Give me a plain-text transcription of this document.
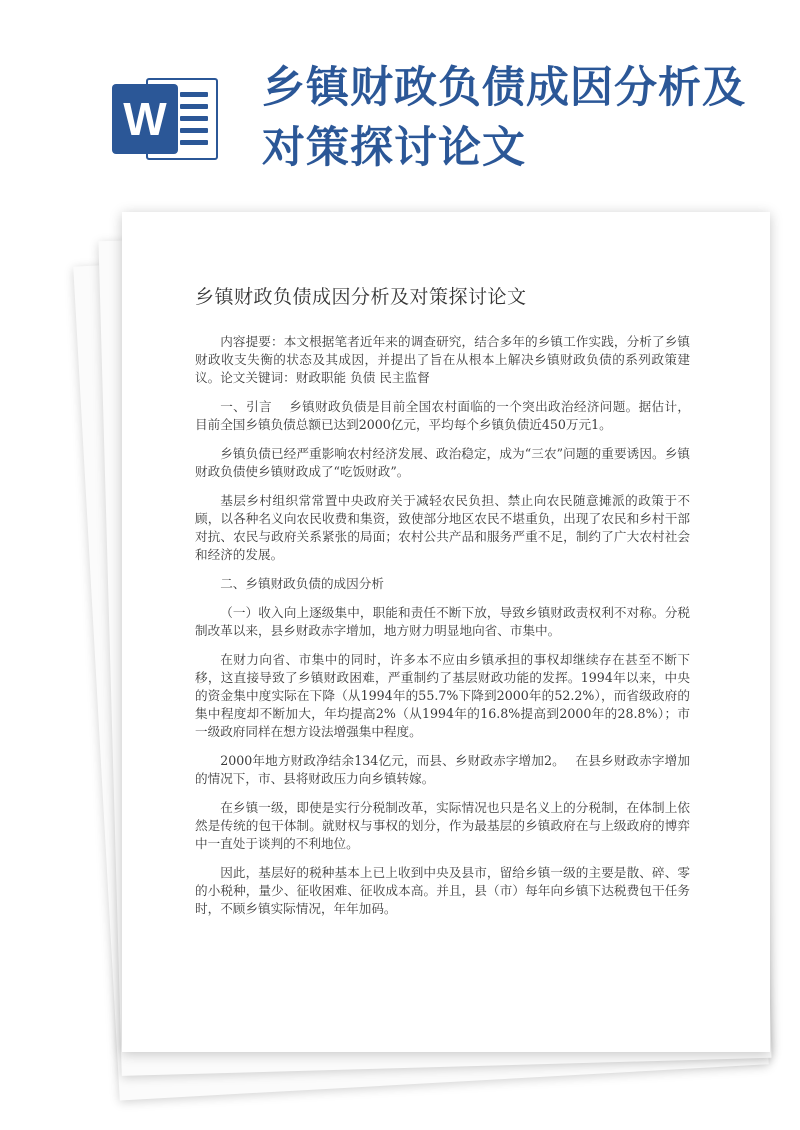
W
乡镇财政负债成因分析及对策探讨论文
乡镇财政负债成因分析及对策探讨论文

内容提要：本文根据笔者近年来的调查研究，结合多年的乡镇工作实践，分析了乡镇财政收支失衡的状态及其成因，并提出了旨在从根本上解决乡镇财政负债的系列政策建议。论文关键词：财政职能 负债 民主监督

一、引言　 乡镇财政负债是目前全国农村面临的一个突出政治经济问题。据估计，目前全国乡镇负债总额已达到2000亿元，平均每个乡镇负债近450万元1。

乡镇负债已经严重影响农村经济发展、政治稳定，成为“三农”问题的重要诱因。乡镇财政负债使乡镇财政成了“吃饭财政”。

基层乡村组织常常置中央政府关于减轻农民负担、禁止向农民随意摊派的政策于不顾，以各种名义向农民收费和集资，致使部分地区农民不堪重负，出现了农民和乡村干部对抗、农民与政府关系紧张的局面；农村公共产品和服务严重不足，制约了广大农村社会和经济的发展。

二、乡镇财政负债的成因分析

（一）收入向上逐级集中，职能和责任不断下放，导致乡镇财政责权利不对称。分税制改革以来，县乡财政赤字增加，地方财力明显地向省、市集中。

在财力向省、市集中的同时，许多本不应由乡镇承担的事权却继续存在甚至不断下移，这直接导致了乡镇财政困难，严重制约了基层财政功能的发挥。1994年以来，中央的资金集中度实际在下降（从1994年的55.7%下降到2000年的52.2%），而省级政府的集中程度却不断加大，年均提高2%（从1994年的16.8%提高到2000年的28.8%）；市一级政府同样在想方设法增强集中程度。

2000年地方财政净结余134亿元，而县、乡财政赤字增加2。　 在县乡财政赤字增加的情况下，市、县将财政压力向乡镇转嫁。

在乡镇一级，即使是实行分税制改革，实际情况也只是名义上的分税制，在体制上依然是传统的包干体制。就财权与事权的划分，作为最基层的乡镇政府在与上级政府的博弈中一直处于谈判的不利地位。

因此，基层好的税种基本上已上收到中央及县市，留给乡镇一级的主要是散、碎、零的小税种，量少、征收困难、征收成本高。并且，县（市）每年向乡镇下达税费包干任务时，不顾乡镇实际情况，年年加码。
